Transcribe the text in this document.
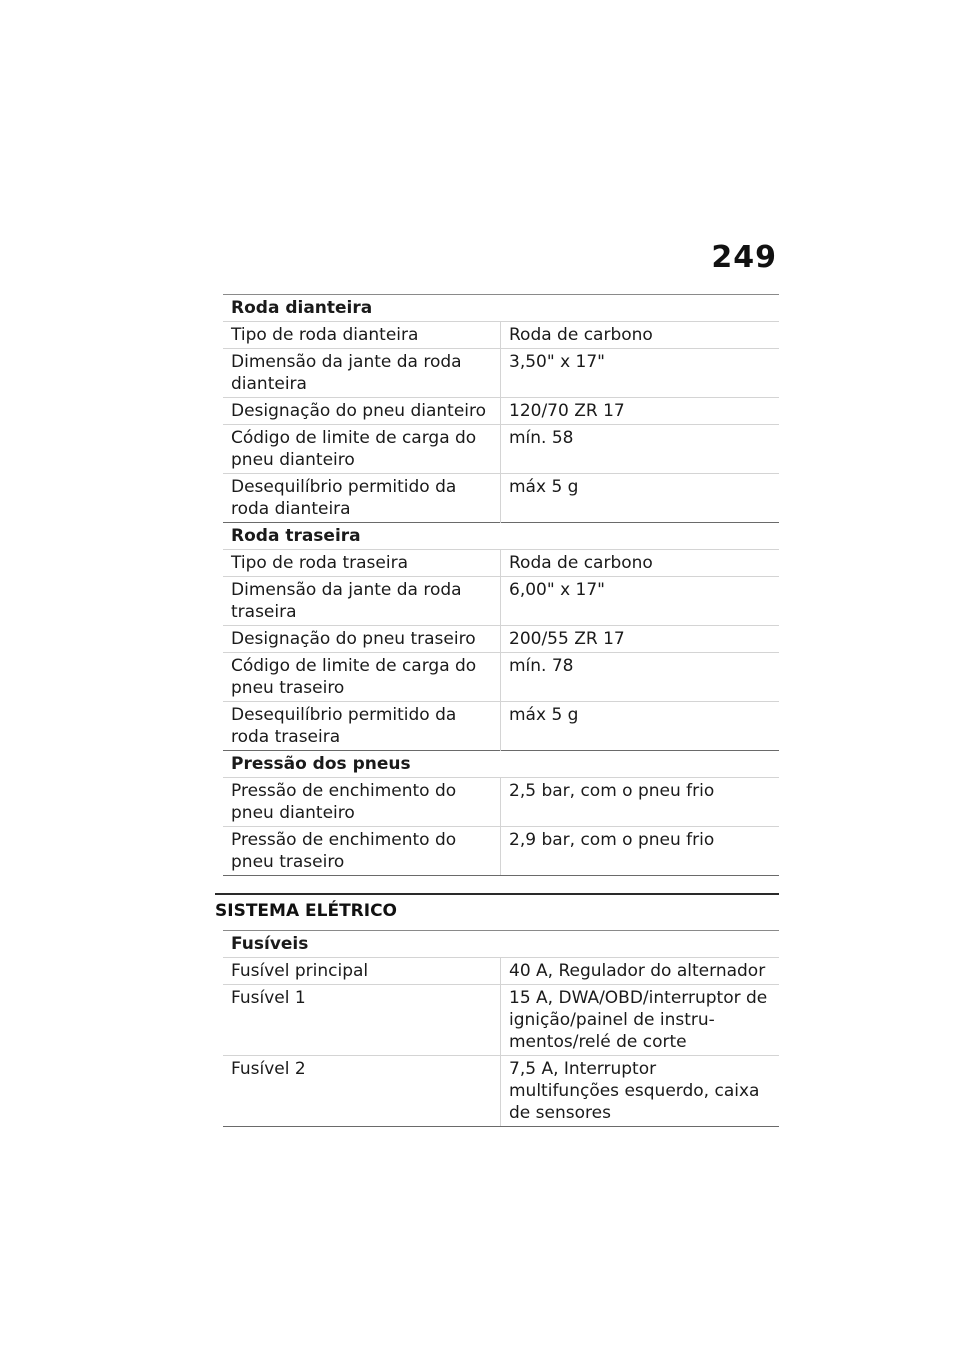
249
Roda dianteira	
Tipo de roda dianteira	Roda de carbono
Dimensão da jante da roda dianteira	3,50" x 17"
Designação do pneu dianteiro	120/70 ZR 17
Código de limite de carga do pneu dianteiro	mín. 58
Desequilíbrio permitido da roda dianteira	máx 5 g
Roda traseira	
Tipo de roda traseira	Roda de carbono
Dimensão da jante da roda traseira	6,00" x 17"
Designação do pneu traseiro	200/55 ZR 17
Código de limite de carga do pneu traseiro	mín. 78
Desequilíbrio permitido da roda traseira	máx 5 g
Pressão dos pneus	
Pressão de enchimento do pneu dianteiro	2,5 bar, com o pneu frio
Pressão de enchimento do pneu traseiro	2,9 bar, com o pneu frio
SISTEMA ELÉTRICO
Fusíveis	
Fusível principal	40 A, Regulador do alternador
Fusível 1	15 A, DWA/OBD/interruptor de ignição/painel de instru-mentos/relé de corte
Fusível 2	7,5 A, Interruptor multifunções esquerdo, caixa de sensores
